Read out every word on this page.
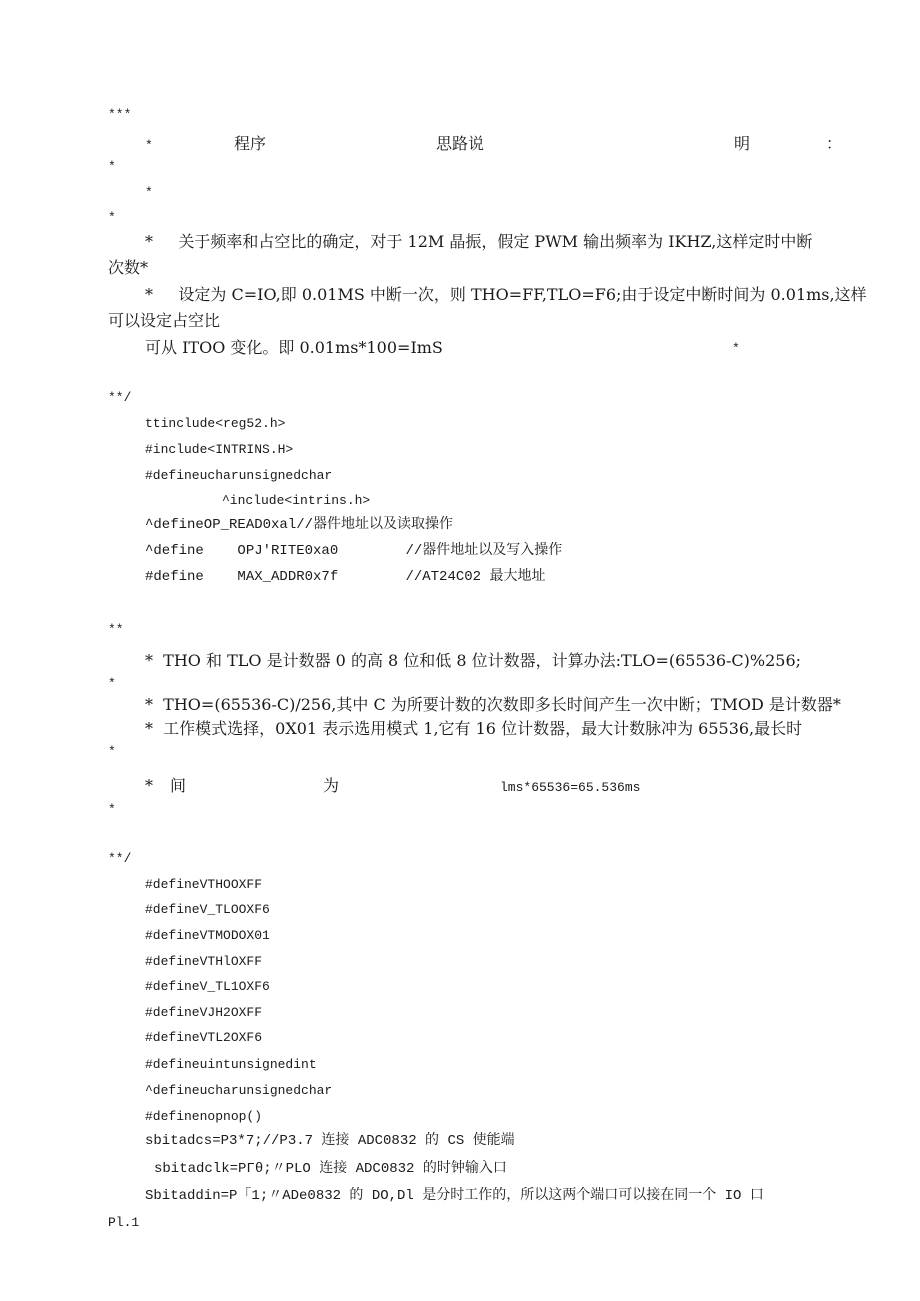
***
*	程序	思路说	明	：
*
*
*
*     关于频率和占空比的确定，对于 12M 晶振，假定 PWM 输出频率为 IKHZ,这样定时中断
次数*
*     设定为 C=IO,即 0.01MS 中断一次，则 THO=FF,TLO=F6;由于设定中断时间为 0.01ms,这样
可以设定占空比
可从 ITOO 变化。即 0.01ms*100=ImS	*
**/
ttinclude<reg52.h>
#include<INTRINS.H>
#defineucharunsignedchar
^include<intrins.h>
^defineOP_READ0xal//器件地址以及读取操作
^define    OPJ'RITE0xa0        //器件地址以及写入操作
#define    MAX_ADDR0x7f        //AT24C02 最大地址
**
*  THO 和 TLO 是计数器 0 的高 8 位和低 8 位计数器，计算办法:TLO=(65536-C)%256;
*
*  THO=(65536-C)/256,其中 C 为所要计数的次数即多长时间产生一次中断；TMOD 是计数器*
*  工作模式选择，0X01 表示选用模式 1,它有 16 位计数器，最大计数脉冲为 65536,最长时
*
* 间	为	lms*65536=65.536ms
*
**/
#defineVTHOOXFF
#defineV_TLOOXF6
#defineVTMODOX01
#defineVTHlOXFF
#defineV_TL1OXF6
#defineVJH2OXFF
#defineVTL2OXF6
#defineuintunsignedint
^defineucharunsignedchar
#definenopnop()
sbitadcs=P3*7;//P3.7 连接 ADC0832 的 CS 使能端
sbitadclk=PΓθ;〃PLO 连接 ADC0832 的时钟输入口
Sbitaddin=P「1;〃ADe0832 的 DO,Dl 是分时工作的，所以这两个端口可以接在同一个 IO 口
Pl.1
